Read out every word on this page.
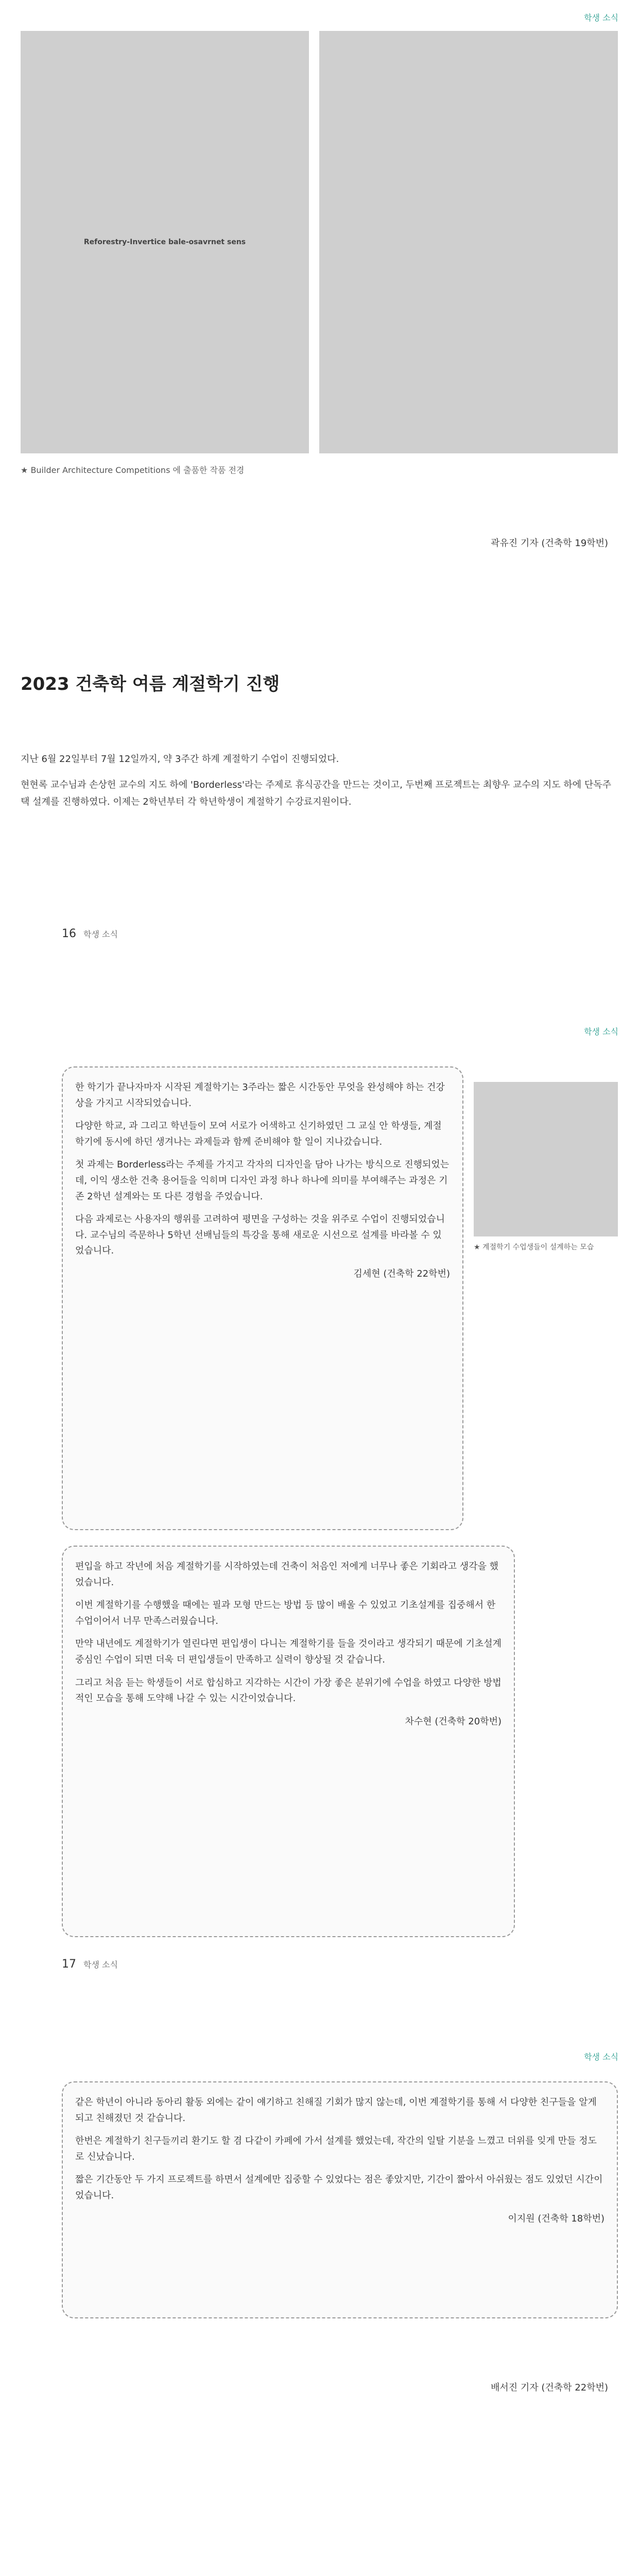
학생 소식
Reforestry-Invertice bale-osavrnet sens
★ Builder Architecture Competitions 에 출품한 작품 전경
곽유진 기자 (건축학 19학번)
2023 건축학 여름 계절학기 진행

지난 6월 22일부터 7월 12일까지, 약 3주간 하계 계절학기 수업이 진행되었다.

현현록 교수님과 손상헌 교수의 지도 하에 'Borderless'라는 주제로 휴식공간을 만드는 것이고, 두번째 프로젝트는 최향우 교수의 지도 하에 단독주택 설계를 진행하였다. 이제는 2학년부터 각 학년학생이 계절학기 수강료지원이다.

16 학생 소식
학생 소식

한 학기가 끝나자마자 시작된 계절학기는 3주라는 짧은 시간동안 무엇을 완성해야 하는 건강상을 가지고 시작되었습니다.

다양한 학교, 과 그리고 학년들이 모여 서로가 어색하고 신기하였던 그 교실 안 학생들, 계절학기에 동시에 하던 생겨나는 과제들과 함께 준비해야 할 일이 지나갔습니다.

첫 과제는 Borderless라는 주제를 가지고 각자의 디자인을 담아 나가는 방식으로 진행되었는데, 이익 생소한 건축 용어들을 익히며 디자인 과정 하나 하나에 의미를 부여해주는 과정은 기존 2학년 설계와는 또 다른 경험을 주었습니다.

다음 과제로는 사용자의 행위를 고려하여 평면을 구성하는 것을 위주로 수업이 진행되었습니다. 교수님의 즉문하나 5학년 선배님들의 특강을 통해 새로운 시선으로 설계를 바라볼 수 있었습니다.

김세현 (건축학 22학번)
★ 계절학기 수업생들이 설계하는 모습

편입을 하고 작년에 처음 계절학기를 시작하였는데 건축이 처음인 저에게 너무나 좋은 기회라고 생각을 했었습니다.

이번 계절학기를 수행했을 때에는 필과 모형 만드는 방법 등 많이 배울 수 있었고 기초설계를 집중해서 한 수업이어서 너무 만족스러웠습니다.

만약 내년에도 계절학기가 열린다면 편입생이 다니는 계절학기를 들을 것이라고 생각되기 때문에 기초설계 중심인 수업이 되면 더욱 더 편입생들이 만족하고 실력이 향상될 것 같습니다.

그리고 처음 듣는 학생들이 서로 합심하고 지각하는 시간이 가장 좋은 분위기에 수업을 하였고 다양한 방법적인 모습을 통해 도약해 나갈 수 있는 시간이었습니다.

차수현 (건축학 20학번)
17 학생 소식
학생 소식

같은 학년이 아니라 동아리 활동 외에는 같이 얘기하고 친해질 기회가 많지 않는데, 이번 계절학기를 통해 서 다양한 친구들을 알게 되고 친해졌던 것 같습니다.

한번은 계절학기 친구들끼리 환기도 할 겸 다같이 카페에 가서 설계를 했었는데, 작간의 일탈 기분을 느꼈고 더위를 잊게 만들 정도로 신났습니다.

짧은 기간동안 두 가지 프로젝트를 하면서 설계에만 집중할 수 있었다는 점은 좋았지만, 기간이 짧아서 아쉬웠는 점도 있었던 시간이었습니다.

이지원 (건축학 18학번)
배서진 기자 (건축학 22학번)
